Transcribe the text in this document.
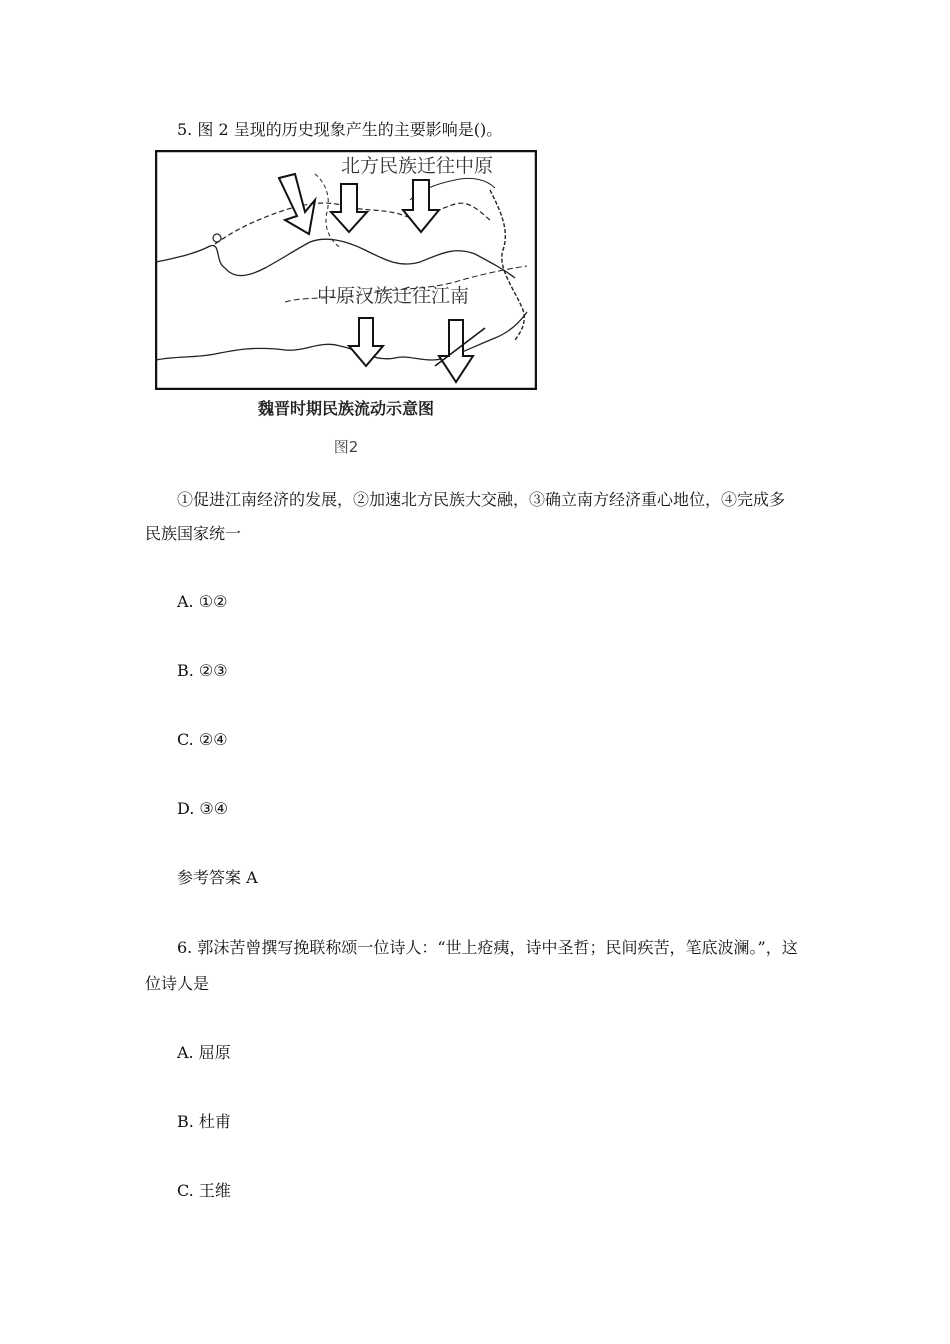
5. 图 2 呈现的历史现象产生的主要影响是()。
北方民族迁往中原
中原汉族迁往江南
魏晋时期民族流动示意图
图2
①促进江南经济的发展，②加速北方民族大交融，③确立南方经济重心地位，④完成多
民族国家统一
A. ①②
B. ②③
C. ②④
D. ③④
参考答案 A
6. 郭沫苦曾撰写挽联称颂一位诗人：“世上疮痍，诗中圣哲；民间疾苦，笔底波澜。”，这
位诗人是
A. 屈原
B. 杜甫
C. 王维
